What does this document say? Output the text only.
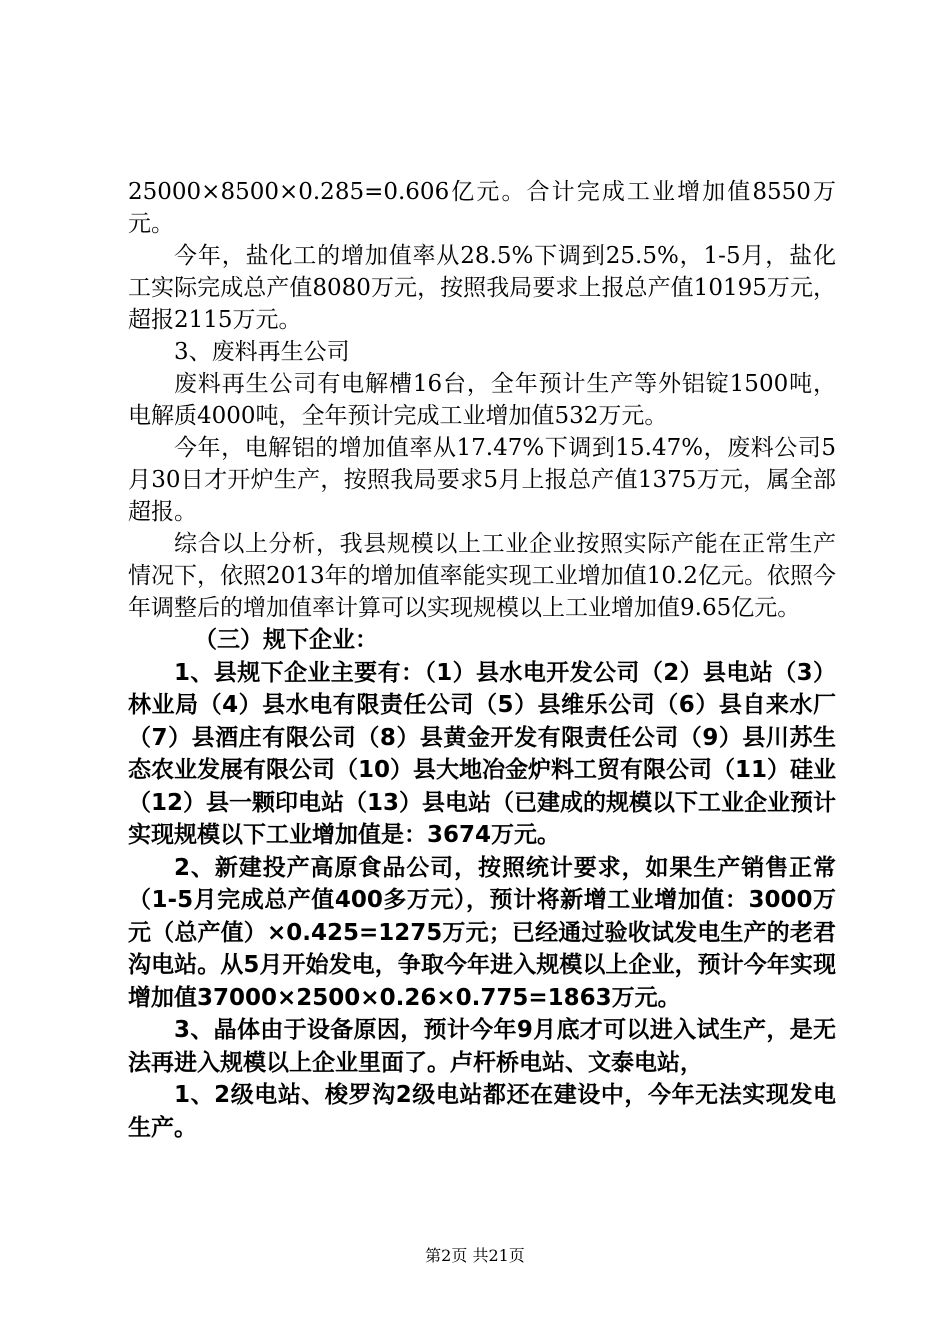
25000×8500×0.285=0.606亿元。合计完成工业增加值8550万元。

今年，盐化工的增加值率从28.5%下调到25.5%，1-5月，盐化工实际完成总产值8080万元，按照我局要求上报总产值10195万元，超报2115万元。

3、废料再生公司

废料再生公司有电解槽16台，全年预计生产等外铝锭1500吨，电解质4000吨，全年预计完成工业增加值532万元。

今年，电解铝的增加值率从17.47%下调到15.47%，废料公司5月30日才开炉生产，按照我局要求5月上报总产值1375万元，属全部超报。

综合以上分析，我县规模以上工业企业按照实际产能在正常生产情况下，依照2013年的增加值率能实现工业增加值10.2亿元。依照今年调整后的增加值率计算可以实现规模以上工业增加值9.65亿元。

（三）规下企业：

1、县规下企业主要有：（1）县水电开发公司（2）县电站（3）林业局（4）县水电有限责任公司（5）县维乐公司（6）县自来水厂（7）县酒庄有限公司（8）县黄金开发有限责任公司（9）县川苏生态农业发展有限公司（10）县大地冶金炉料工贸有限公司（11）硅业（12）县一颗印电站（13）县电站（已建成的规模以下工业企业预计实现规模以下工业增加值是：3674万元。

2、新建投产高原食品公司，按照统计要求，如果生产销售正常（1-5月完成总产值400多万元），预计将新增工业增加值：3000万元（总产值）×0.425=1275万元；已经通过验收试发电生产的老君沟电站。从5月开始发电，争取今年进入规模以上企业，预计今年实现增加值37000×2500×0.26×0.775=1863万元。

3、晶体由于设备原因，预计今年9月底才可以进入试生产，是无法再进入规模以上企业里面了。卢杆桥电站、文泰电站，

1、2级电站、梭罗沟2级电站都还在建设中，今年无法实现发电生产。

第2页 共21页
